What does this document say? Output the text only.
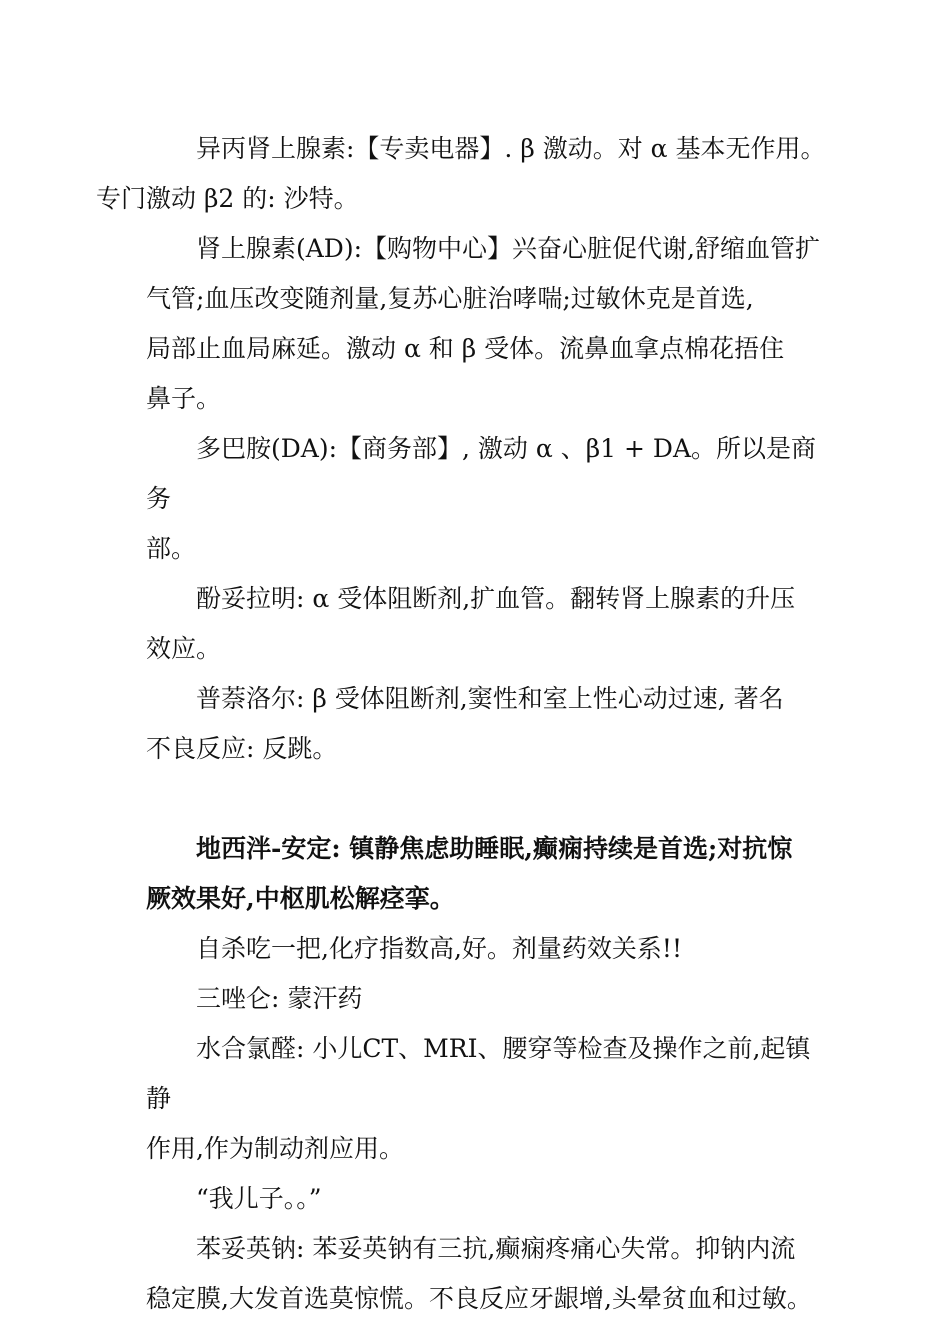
异丙肾上腺素:【专卖电器】. β 激动。对 α 基本无作用。
专门激动 β2 的: 沙特。

肾上腺素(AD):【购物中心】兴奋心脏促代谢,舒缩血管扩
气管;血压改变随剂量,复苏心脏治哮喘;过敏休克是首选,
局部止血局麻延。激动 α 和 β 受体。流鼻血拿点棉花捂住
鼻子。

多巴胺(DA):【商务部】, 激动 α 、β1 + DA。所以是商务
部。

酚妥拉明: α 受体阻断剂,扩血管。翻转肾上腺素的升压
效应。

普萘洛尔: β 受体阻断剂,窦性和室上性心动过速, 著名
不良反应: 反跳。

地西泮-安定: 镇静焦虑助睡眠,癫痫持续是首选;对抗惊
厥效果好,中枢肌松解痉挛。

自杀吃一把,化疗指数高,好。剂量药效关系!!

三唑仑: 蒙汗药

水合氯醛: 小儿CT、MRI、腰穿等检查及操作之前,起镇静
作用,作为制动剂应用。

“我儿子。。”

苯妥英钠: 苯妥英钠有三抗,癫痫疼痛心失常。抑钠内流
稳定膜,大发首选莫惊慌。不良反应牙龈增,头晕贫血和过敏。
